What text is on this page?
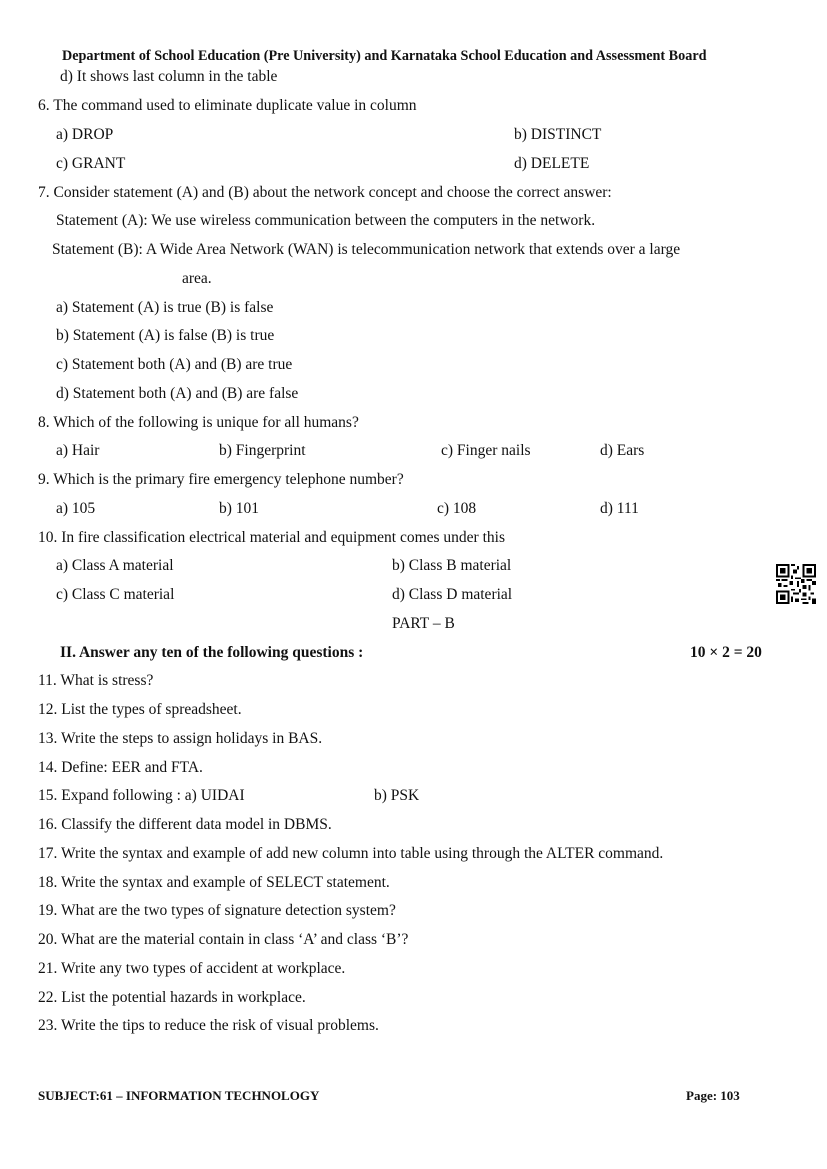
Department of School Education (Pre University) and Karnataka School Education and Assessment Board
d) It shows last column in the table
6. The command used to eliminate duplicate value in column
a) DROP	b) DISTINCT
c) GRANT	d) DELETE
7. Consider statement (A) and (B) about the network concept and choose the correct answer:
Statement (A): We use wireless communication between the computers in the network.
Statement (B): A Wide Area Network (WAN) is telecommunication network that extends over a large
area.
a) Statement (A) is true (B) is false
b) Statement (A) is false (B) is true
c) Statement both (A) and (B) are true
d) Statement both (A) and (B) are false
8. Which of the following is unique for all humans?
a) Hair	b) Fingerprint	c) Finger nails	d) Ears
9. Which is the primary fire emergency telephone number?
a) 105	b) 101	c) 108	d) 111
10. In fire classification electrical material and equipment comes under this
a) Class A material	b) Class B material
c) Class C material	d) Class D material
PART – B
II. Answer any ten of the following questions :	10 × 2 = 20
11. What is stress?
12. List the types of spreadsheet.
13. Write the steps to assign holidays in BAS.
14. Define: EER and FTA.
15. Expand following : a) UIDAI	b) PSK
16. Classify the different data model in DBMS.
17. Write the syntax and example of add new column into table using through the ALTER command.
18. Write the syntax and example of SELECT statement.
19. What are the two types of signature detection system?
20. What are the material contain in class ‘A’ and class ‘B’?
21. Write any two types of accident at workplace.
22. List the potential hazards in workplace.
23. Write the tips to reduce the risk of visual problems.
SUBJECT:61 – INFORMATION TECHNOLOGY	Page: 103
